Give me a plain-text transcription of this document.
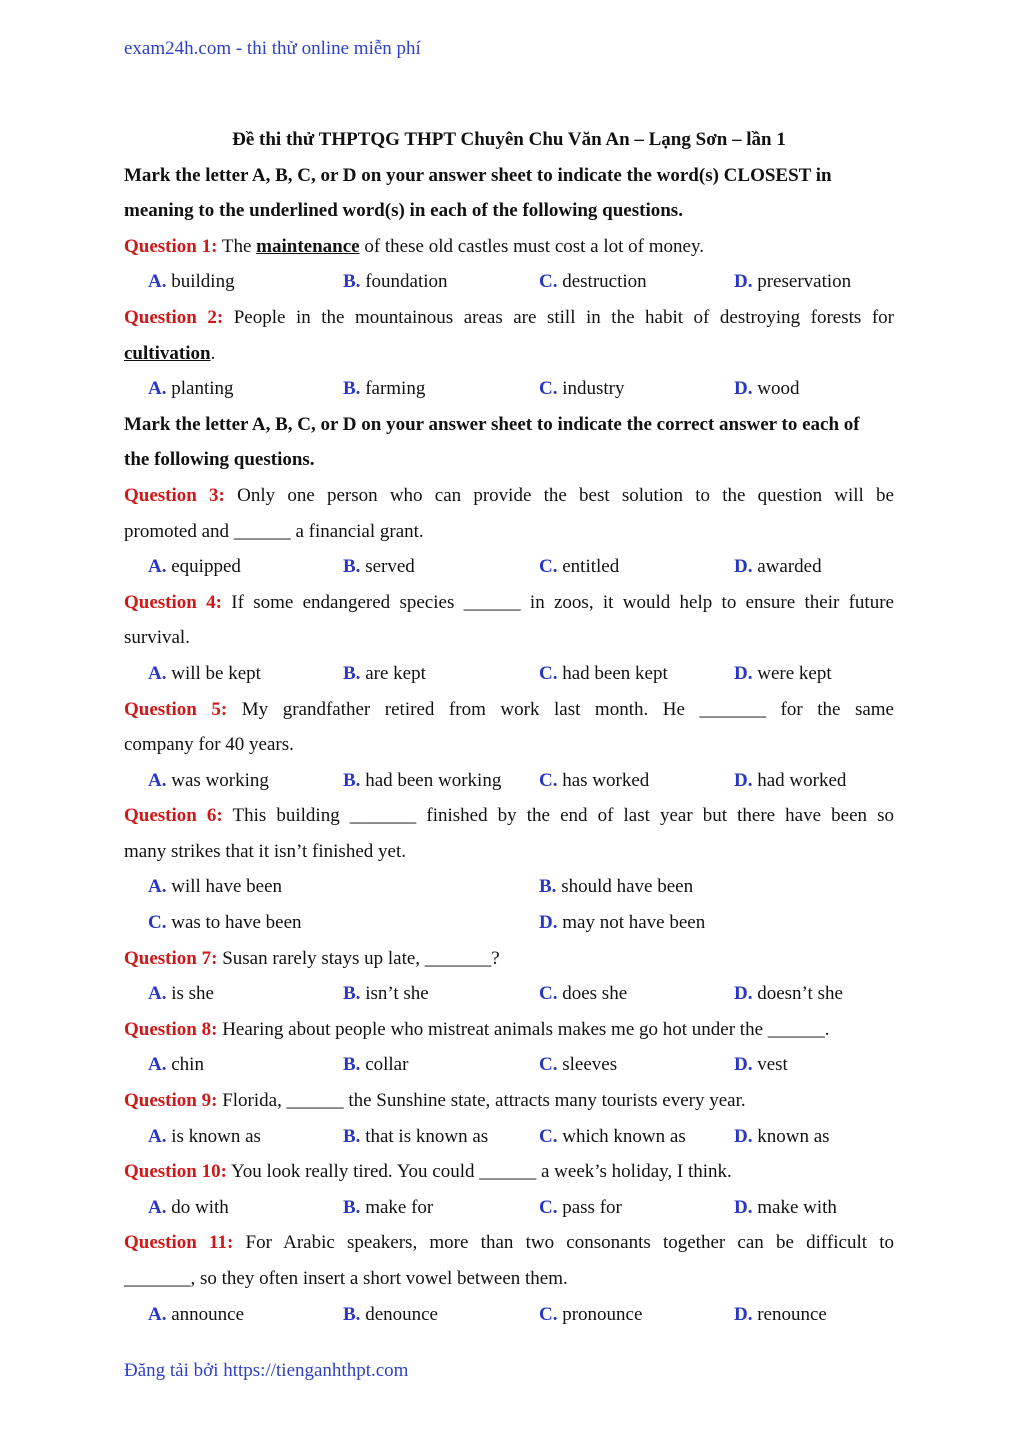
exam24h.com - thi thử online miễn phí
Đề thi thử THPTQG THPT Chuyên Chu Văn An – Lạng Sơn – lần 1
Mark the letter A, B, C, or D on your answer sheet to indicate the word(s) CLOSEST in
meaning to the underlined word(s) in each of the following questions.
Question 1: The maintenance of these old castles must cost a lot of money.
A. building	B. foundation	C. destruction	D. preservation
Question 2: People in the mountainous areas are still in the habit of destroying forests for
cultivation.
A. planting	B. farming	C. industry	D. wood
Mark the letter A, B, C, or D on your answer sheet to indicate the correct answer to each of
the following questions.
Question 3: Only one person who can provide the best solution to the question will be
promoted and ______ a financial grant.
A. equipped	B. served	C. entitled	D. awarded
Question 4: If some endangered species ______ in zoos, it would help to ensure their future
survival.
A. will be kept	B. are kept	C. had been kept	D. were kept
Question 5: My grandfather retired from work last month. He _______ for the same
company for 40 years.
A. was working	B. had been working C. has worked	D. had worked
Question 6: This building _______ finished by the end of last year but there have been so
many strikes that it isn’t finished yet.
A. will have been	B. should have been
C. was to have been	D. may not have been
Question 7: Susan rarely stays up late, _______?
A. is she	B. isn’t she	C. does she	D. doesn’t she
Question 8: Hearing about people who mistreat animals makes me go hot under the ______.
A. chin	B. collar	C. sleeves	D. vest
Question 9: Florida, ______ the Sunshine state, attracts many tourists every year.
A. is known as	B. that is known as	C. which known as	D. known as
Question 10: You look really tired. You could ______ a week’s holiday, I think.
A. do with	B. make for	C. pass for	D. make with
Question 11: For Arabic speakers, more than two consonants together can be difficult to
_______, so they often insert a short vowel between them.
A. announce	B. denounce	C. pronounce	D. renounce
Đăng tải bởi https://tienganhthpt.com
